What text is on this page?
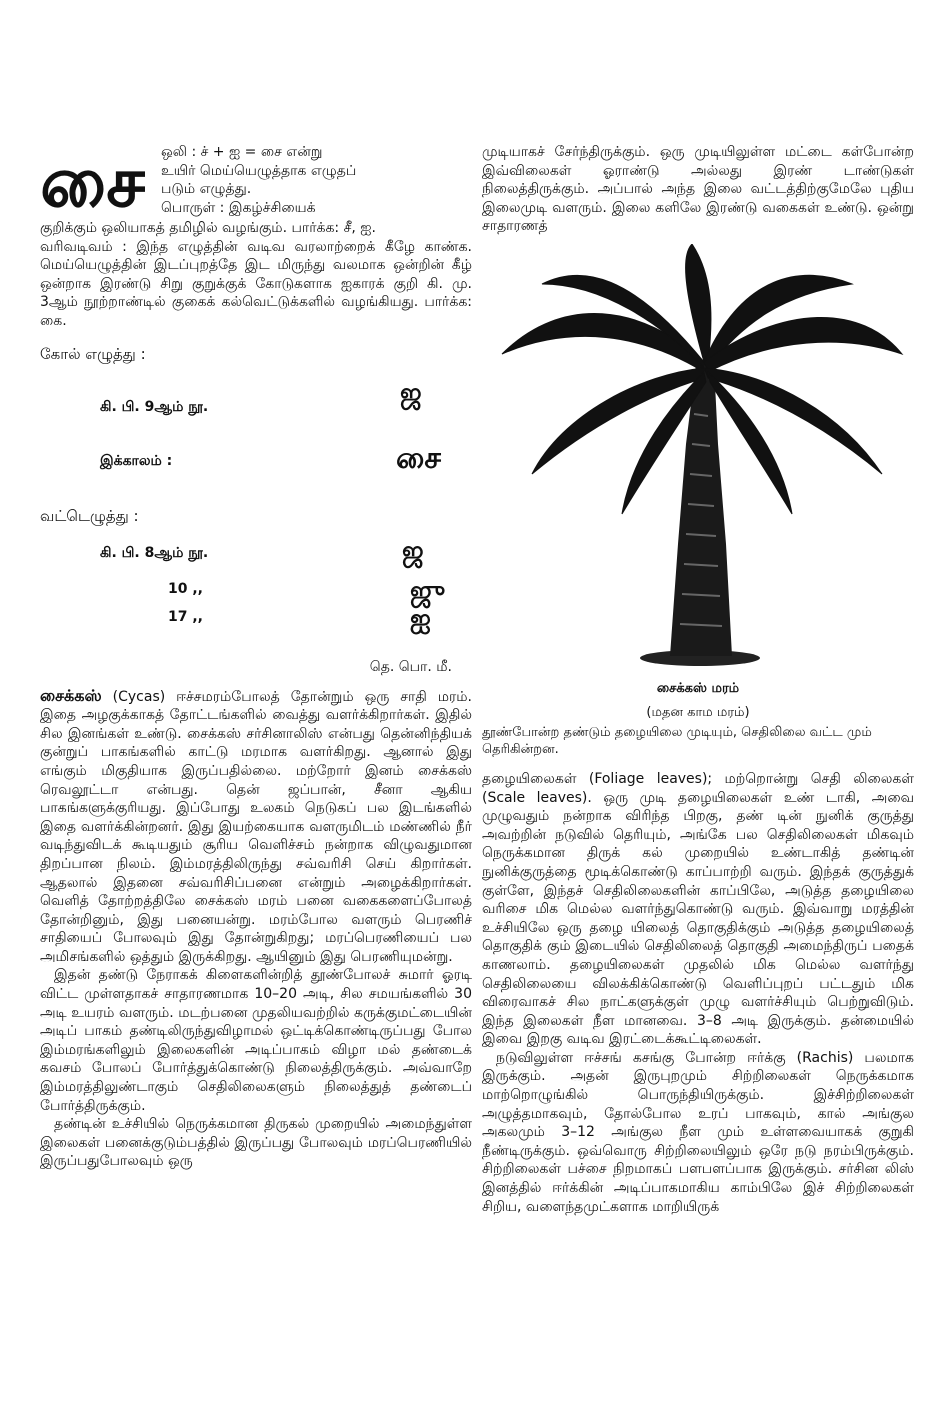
சை	ஒலி : ச் + ஐ = சை என்று
உயிர் மெய்யெழுத்தாக எழுதப்
படும் எழுத்து.
பொருள் : இகழ்ச்சியைக்

குறிக்கும் ஒலியாகத் தமிழில் வழங்கும். பார்க்க: சீ, ஐ.

வரிவடிவம் : இந்த எழுத்தின் வடிவ வரலாற்றைக் கீழே காண்க. மெய்யெழுத்தின் இடப்புறத்தே இட மிருந்து வலமாக ஒன்றின் கீழ் ஒன்றாக இரண்டு சிறு குறுக்குக் கோடுகளாக ஐகாரக் குறி கி. மு. 3ஆம் நூற்றாண்டில் குகைக் கல்வெட்டுக்களில் வழங்கியது. பார்க்க: கை.

கோல் எழுத்து :
கி. பி. 9ஆம் நூ.	ஜ
இக்காலம் :	சை
வட்டெழுத்து :
கி. பி. 8ஆம் நூ.	ஜ
10 ,,	ஜு
17 ,,	ஐ
தெ. பொ. மீ.

சைக்கஸ் (Cycas) ஈச்சமரம்போலத் தோன்றும் ஒரு சாதி மரம். இதை அழகுக்காகத் தோட்டங்களில் வைத்து வளர்க்கிறார்கள். இதில் சில இனங்கள் உண்டு. சைக்கஸ் சர்சினாலிஸ் என்பது தென்னிந்தியக் குன்றுப் பாகங்களில் காட்டு மரமாக வளர்கிறது. ஆனால் இது எங்கும் மிகுதியாக இருப்பதில்லை. மற்றோர் இனம் சைக்கஸ் ரெவலூட்டா என்பது. தென் ஜப்பான், சீனா ஆகிய பாகங்களுக்குரியது. இப்போது உலகம் நெடுகப் பல இடங்களில் இதை வளர்க்கின்றனர். இது இயற்கையாக வளருமிடம் மண்ணில் நீர் வடிந்துவிடக் கூடியதும் சூரிய வெளிச்சம் நன்றாக விழுவதுமான திறப்பான நிலம். இம்மரத்திலிருந்து சவ்வரிசி செய் கிறார்கள். ஆதலால் இதனை சவ்வரிசிப்பனை என்றும் அழைக்கிறார்கள். வெளித் தோற்றத்திலே சைக்கஸ் மரம் பனை வகைகளைப்போலத் தோன்றினும், இது பனையன்று. மரம்போல வளரும் பெரணிச் சாதியைப் போலவும் இது தோன்றுகிறது; மரப்பெரணியைப் பல அமிசங்களில் ஒத்தும் இருக்கிறது. ஆயினும் இது பெரணியுமன்று.

இதன் தண்டு நேராகக் கிளைகளின்றித் தூண்போலச் சுமார் ஓரடி விட்ட முள்ளதாகச் சாதாரணமாக 10–20 அடி, சில சமயங்களில் 30 அடி உயரம் வளரும். மடற்பனை முதலியவற்றில் கருக்குமட்டையின் அடிப் பாகம் தண்டிலிருந்துவிழாமல் ஒட்டிக்கொண்டிருப்பது போல இம்மரங்களிலும் இலைகளின் அடிப்பாகம் விழா மல் தண்டைக் கவசம் போலப் போர்த்துக்கொண்டு நிலைத்திருக்கும். அவ்வாறே இம்மரத்திலுண்டாகும் செதிலிலைகளும் நிலைத்துத் தண்டைப் போர்த்திருக்கும்.

தண்டின் உச்சியில் நெருக்கமான திருகல் முறையில் அமைந்துள்ள இலைகள் பனைக்குடும்பத்தில் இருப்பது போலவும் மரப்பெரணியில் இருப்பதுபோலவும் ஒரு

முடியாகச் சேர்ந்திருக்கும். ஒரு முடியிலுள்ள மட்டை கள்போன்ற இவ்விலைகள் ஓராண்டு அல்லது இரண் டாண்டுகள் நிலைத்திருக்கும். அப்பால் அந்த இலை வட்டத்திற்குமேலே புதிய இலைமுடி வளரும். இலை களிலே இரண்டு வகைகள் உண்டு. ஒன்று சாதாரணத்

சைக்கஸ் மரம்
(மதன காம மரம்)
தூண்போன்ற தண்டும் தழையிலை முடியும், செதிலிலை வட்ட மும் தெரிகின்றன.

தழையிலைகள் (Foliage leaves); மற்றொன்று செதி லிலைகள் (Scale leaves). ஒரு முடி தழையிலைகள் உண் டாகி, அவை முழுவதும் நன்றாக விரிந்த பிறகு, தண் டின் நுனிக் குருத்து அவற்றின் நடுவில் தெரியும், அங்கே பல செதிலிலைகள் மிகவும் நெருக்கமான திருக் கல் முறையில் உண்டாகித் தண்டின் நுனிக்குருத்தை மூடிக்கொண்டு காப்பாற்றி வரும். இந்தக் குருத்துக் குள்ளே, இந்தச் செதிலிலைகளின் காப்பிலே, அடுத்த தழையிலை வரிசை மிக மெல்ல வளர்ந்துகொண்டு வரும். இவ்வாறு மரத்தின் உச்சியிலே ஒரு தழை யிலைத் தொகுதிக்கும் அடுத்த தழையிலைத் தொகுதிக் கும் இடையில் செதிலிலைத் தொகுதி அமைந்திருப் பதைக் காணலாம். தழையிலைகள் முதலில் மிக மெல்ல வளர்ந்து செதிலிலையை விலக்கிக்கொண்டு வெளிப்புறப் பட்டதும் மிக விரைவாகச் சில நாட்களுக்குள் முழு வளர்ச்சியும் பெற்றுவிடும். இந்த இலைகள் நீள மானவை. 3–8 அடி இருக்கும். தன்மையில் இவை இறகு வடிவ இரட்டைக்கூட்டிலைகள்.

நடுவிலுள்ள ஈச்சங் கசங்கு போன்ற ஈர்க்கு (Rachis) பலமாக இருக்கும். அதன் இருபுறமும் சிற்றிலைகள் நெருக்கமாக மாற்றொழுங்கில் பொருந்தியிருக்கும். இச்சிற்றிலைகள் அழுத்தமாகவும், தோல்போல உரப் பாகவும், கால் அங்குல அகலமும் 3–12 அங்குல நீள மும் உள்ளவையாகக் குறுகி நீண்டிருக்கும். ஒவ்வொரு சிற்றிலையிலும் ஒரே நடு நரம்பிருக்கும். சிற்றிலைகள் பச்சை நிறமாகப் பளபளப்பாக இருக்கும். சர்சின லிஸ் இனத்தில் ஈர்க்கின் அடிப்பாகமாகிய காம்பிலே இச் சிற்றிலைகள் சிறிய, வளைந்தமுட்களாக மாறியிருக்
